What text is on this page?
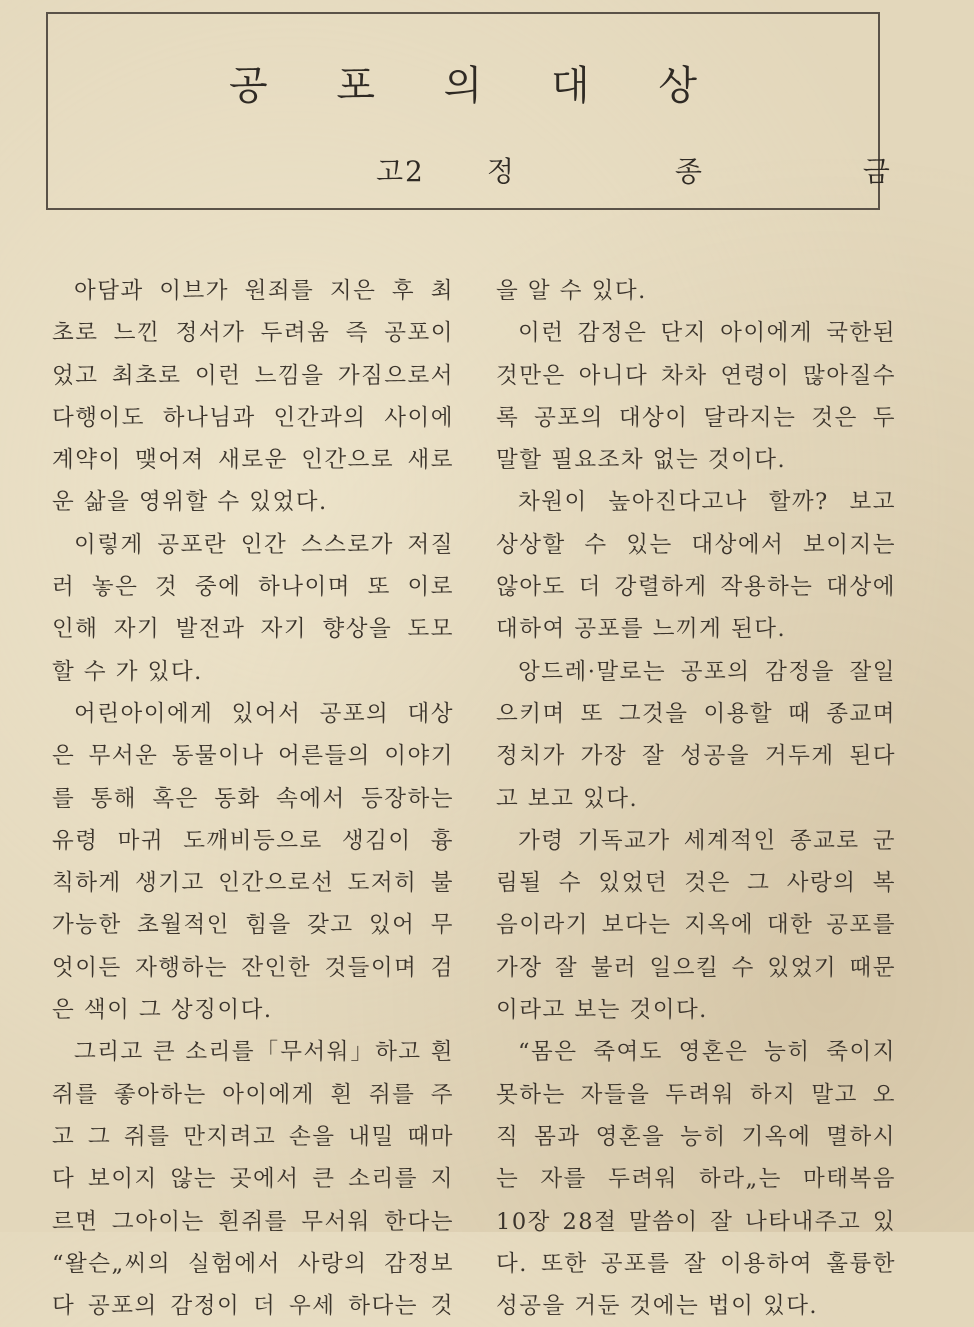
공 포 의 대 상
고2 정 종 금
아담과 이브가 원죄를 지은 후 최
초로 느낀 정서가 두려움 즉 공포이
었고 최초로 이런 느낌을 가짐으로서
다행이도 하나님과 인간과의 사이에
계약이 맺어져 새로운 인간으로 새로
운 삶을 영위할 수 있었다.
이렇게 공포란 인간 스스로가 저질
러 놓은 것 중에 하나이며 또 이로
인해 자기 발전과 자기 향상을 도모
할 수 가 있다.
어린아이에게 있어서 공포의 대상
은 무서운 동물이나 어른들의 이야기
를 통해 혹은 동화 속에서 등장하는
유령 마귀 도깨비등으로 생김이 흉
칙하게 생기고 인간으로선 도저히 불
가능한 초월적인 힘을 갖고 있어 무
엇이든 자행하는 잔인한 것들이며 검
은 색이 그 상징이다.
그리고 큰 소리를「무서워」하고 흰
쥐를 좋아하는 아이에게 흰 쥐를 주
고 그 쥐를 만지려고 손을 내밀 때마
다 보이지 않는 곳에서 큰 소리를 지
르면 그아이는 흰쥐를 무서워 한다는
“왈슨„씨의 실험에서 사랑의 감정보
다 공포의 감정이 더 우세 하다는 것
을 알 수 있다.
이런 감정은 단지 아이에게 국한된
것만은 아니다 차차 연령이 많아질수
록 공포의 대상이 달라지는 것은 두
말할 필요조차 없는 것이다.
차원이 높아진다고나 할까? 보고
상상할 수 있는 대상에서 보이지는
않아도 더 강렬하게 작용하는 대상에
대하여 공포를 느끼게 된다.
앙드레·말로는 공포의 감정을 잘일
으키며 또 그것을 이용할 때 종교며
정치가 가장 잘 성공을 거두게 된다
고 보고 있다.
가령 기독교가 세계적인 종교로 군
림될 수 있었던 것은 그 사랑의 복
음이라기 보다는 지옥에 대한 공포를
가장 잘 불러 일으킬 수 있었기 때문
이라고 보는 것이다.
“몸은 죽여도 영혼은 능히 죽이지
못하는 자들을 두려워 하지 말고 오
직 몸과 영혼을 능히 기옥에 멸하시
는 자를 두려워 하라„는 마태복음
10장 28절 말씀이 잘 나타내주고 있
다. 또한 공포를 잘 이용하여 훌륭한
성공을 거둔 것에는 법이 있다.
